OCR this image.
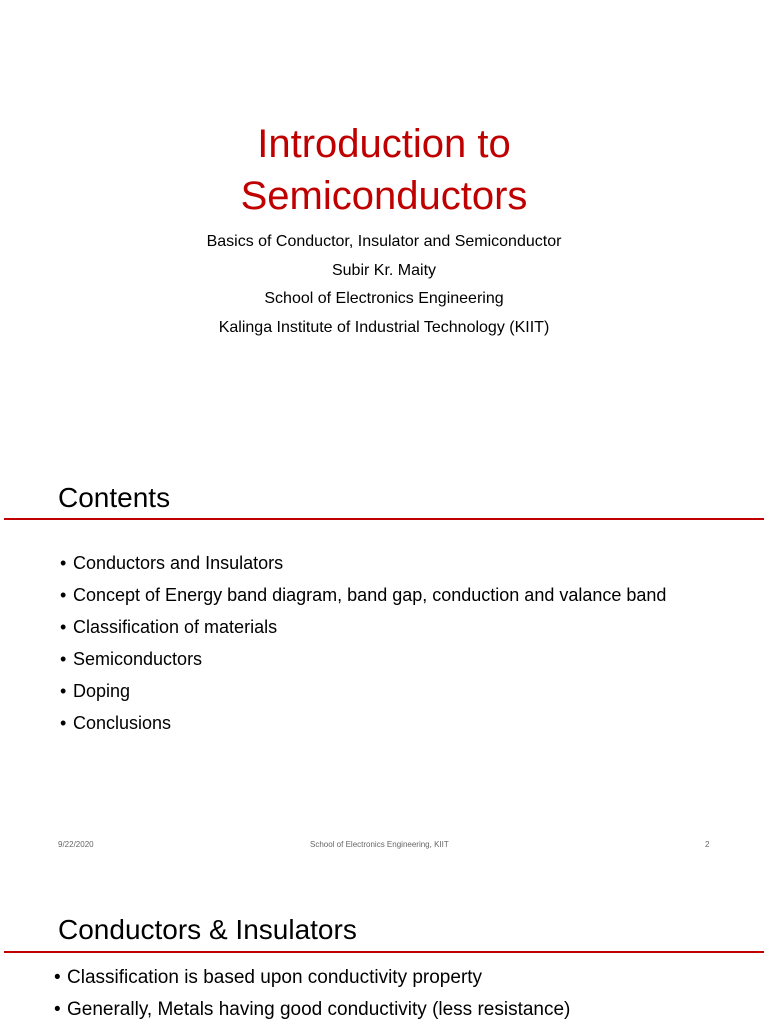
Introduction to
Semiconductors
Basics of Conductor, Insulator and Semiconductor
Subir Kr. Maity
School of Electronics Engineering
Kalinga Institute of Industrial Technology (KIIT)
Contents
• Conductors and Insulators
• Concept of Energy band diagram, band gap, conduction and valance band
• Classification of materials
• Semiconductors
• Doping
• Conclusions
9/22/2020	School of Electronics Engineering, KIIT	2
Conductors & Insulators
• Classification is based upon conductivity property
• Generally, Metals having good conductivity (less resistance)
